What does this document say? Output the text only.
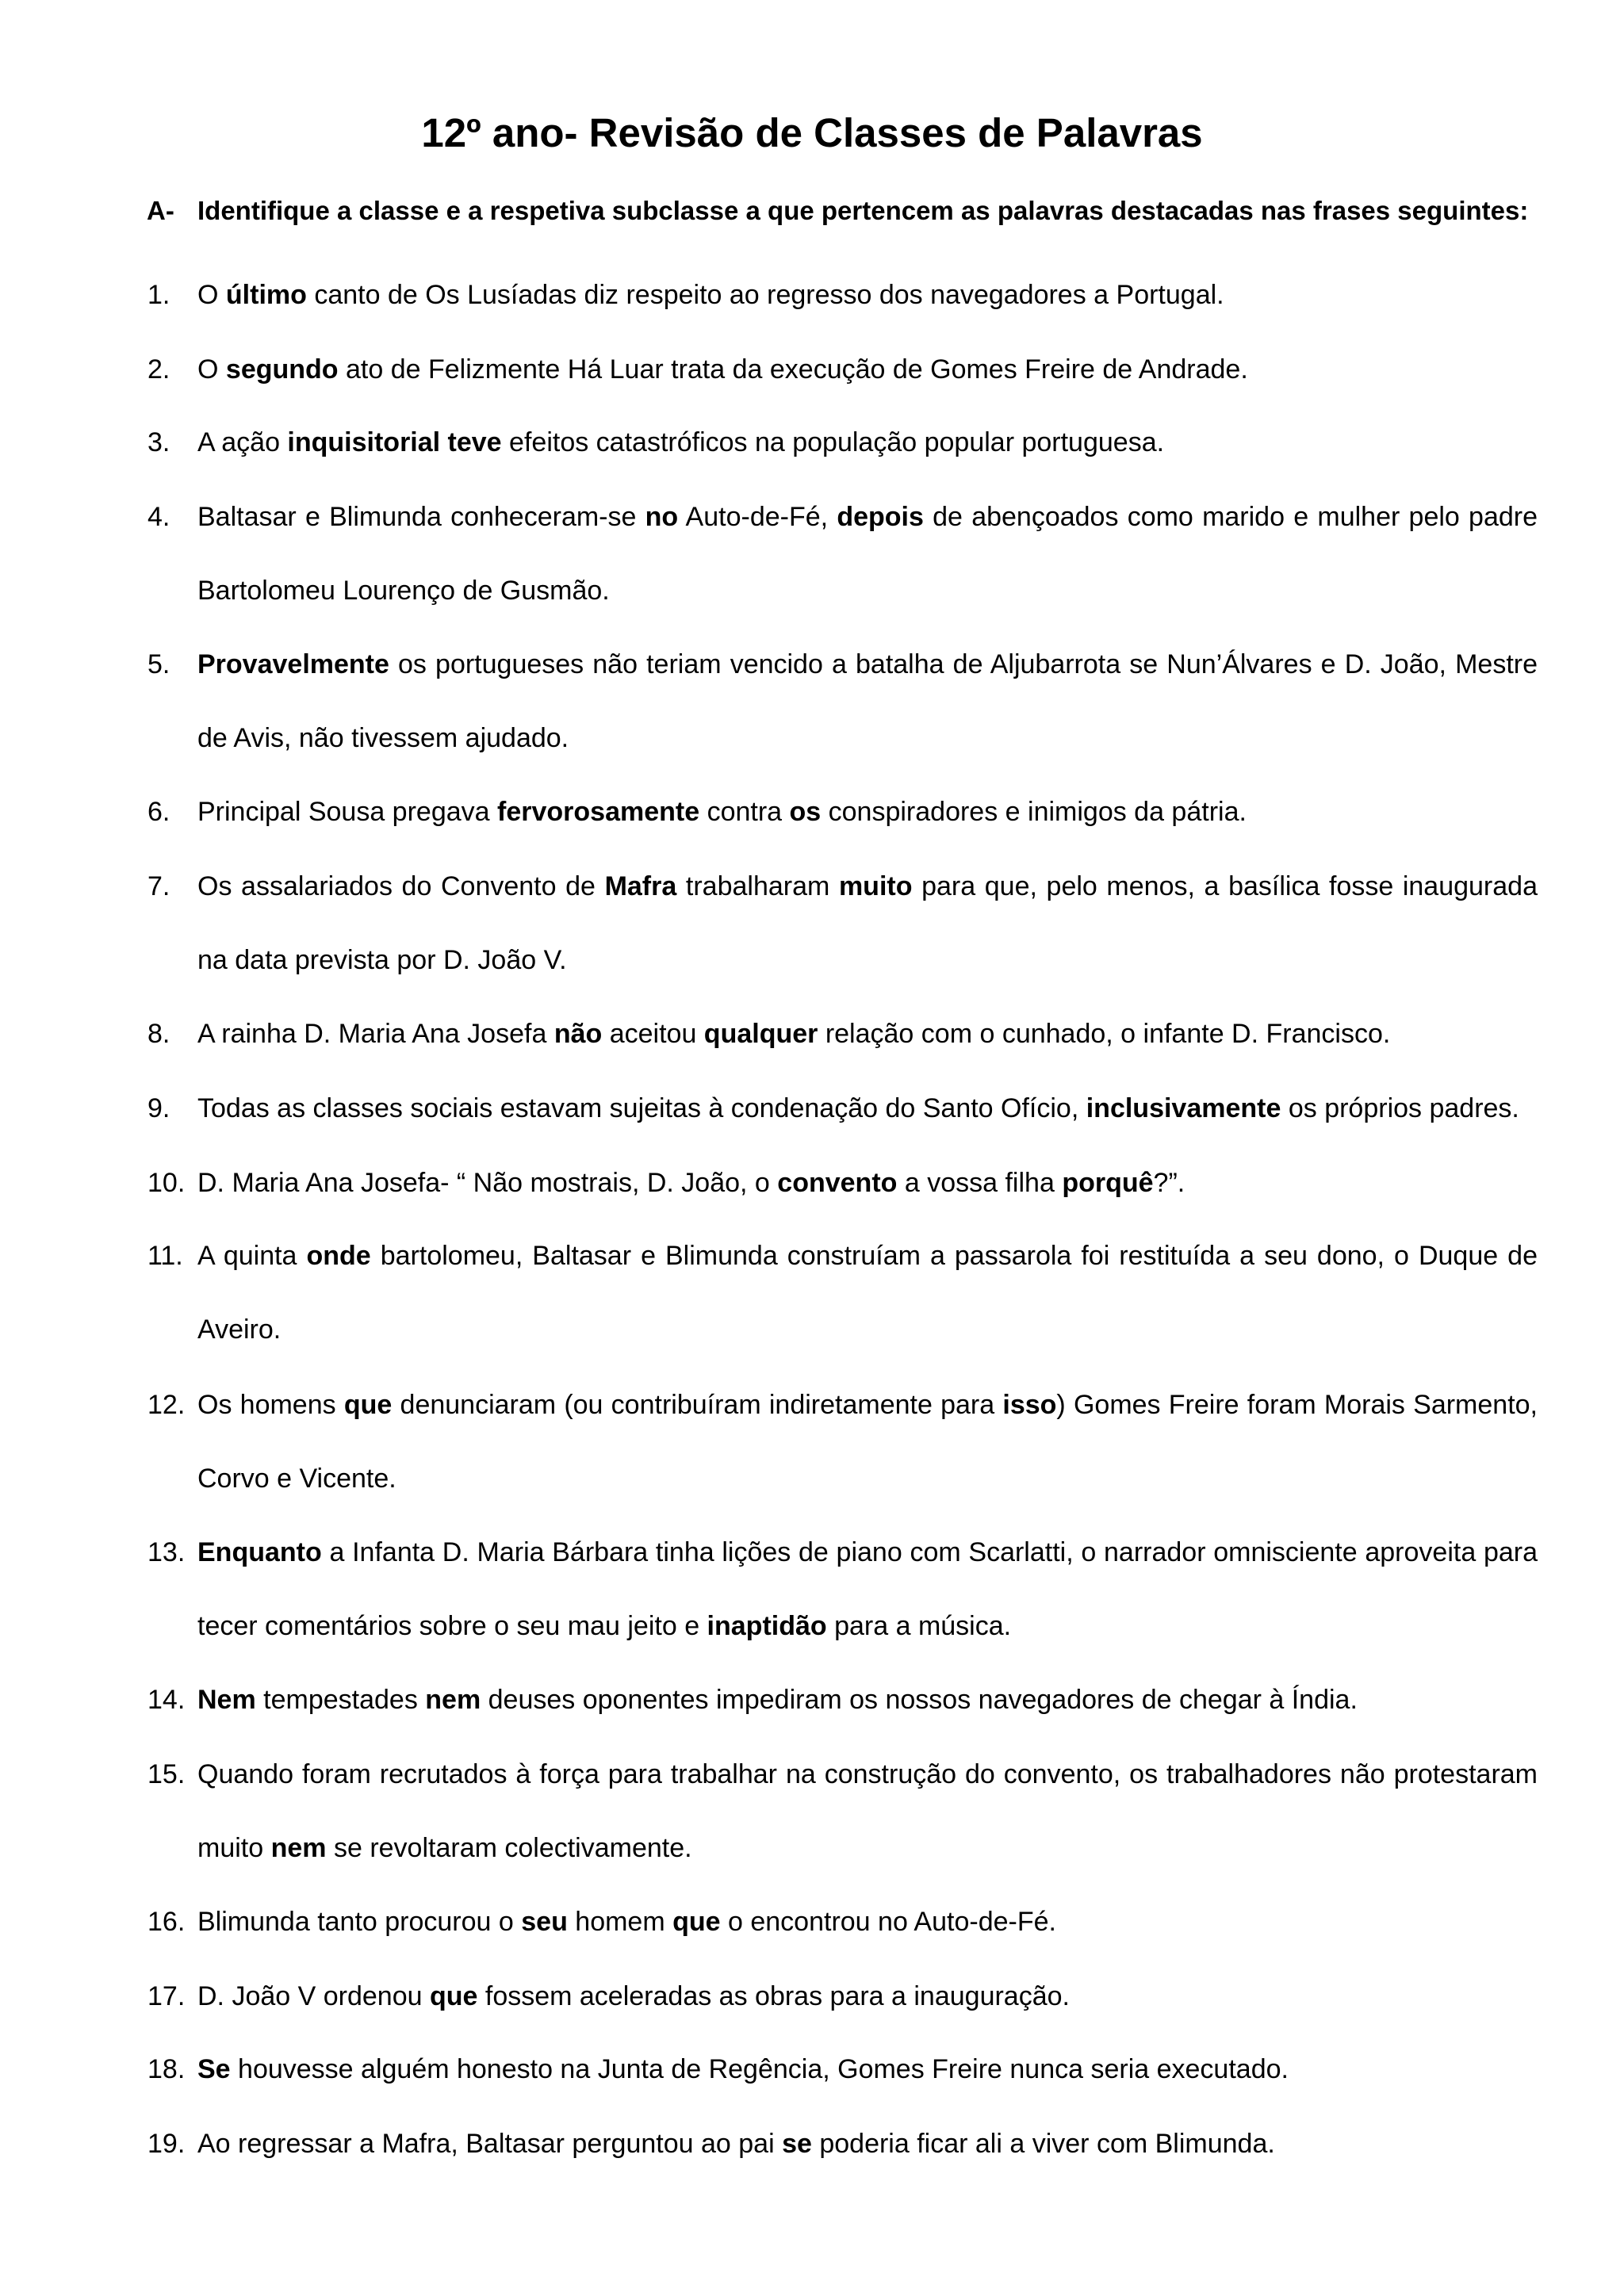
12º ano- Revisão de Classes de Palavras
A- Identifique a classe e a respetiva subclasse a que pertencem as palavras destacadas nas frases seguintes:
1.	O último canto de Os Lusíadas diz respeito ao regresso dos navegadores a Portugal.
2.	O segundo ato de Felizmente Há Luar trata da execução de Gomes Freire de Andrade.
3.	A ação inquisitorial teve efeitos catastróficos na população popular portuguesa.
4.	Baltasar e Blimunda conheceram-se no Auto-de-Fé, depois de abençoados como marido e mulher pelo padre Bartolomeu Lourenço de Gusmão.
5.	Provavelmente os portugueses não teriam vencido a batalha de Aljubarrota se Nun’Álvares e D. João, Mestre de Avis, não tivessem ajudado.
6.	Principal Sousa pregava fervorosamente contra os conspiradores e inimigos da pátria.
7.	Os assalariados do Convento de Mafra trabalharam muito para que, pelo menos, a basílica fosse inaugurada na data prevista por D. João V.
8.	A rainha D. Maria Ana Josefa não aceitou qualquer relação com o cunhado, o infante D. Francisco.
9.	Todas as classes sociais estavam sujeitas à condenação do Santo Ofício, inclusivamente os próprios padres.
10. D. Maria Ana Josefa- “ Não mostrais, D. João, o convento a vossa filha porquê?”.
11. A quinta onde bartolomeu, Baltasar e Blimunda construíam a passarola foi restituída a seu dono, o Duque de Aveiro.
12. Os homens que denunciaram (ou contribuíram indiretamente para isso) Gomes Freire foram Morais Sarmento, Corvo e Vicente.
13. Enquanto a Infanta D. Maria Bárbara tinha lições de piano com Scarlatti, o narrador omnisciente aproveita para tecer comentários sobre o seu mau jeito e inaptidão para a música.
14. Nem tempestades nem deuses oponentes impediram os nossos navegadores de chegar à Índia.
15. Quando foram recrutados à força para trabalhar na construção do convento, os trabalhadores não protestaram muito nem se revoltaram colectivamente.
16. Blimunda tanto procurou o seu homem que o encontrou no Auto-de-Fé.
17. D. João V ordenou que fossem aceleradas as obras para a inauguração.
18. Se houvesse alguém honesto na Junta de Regência, Gomes Freire nunca seria executado.
19. Ao regressar a Mafra, Baltasar perguntou ao pai se poderia ficar ali a viver com Blimunda.
